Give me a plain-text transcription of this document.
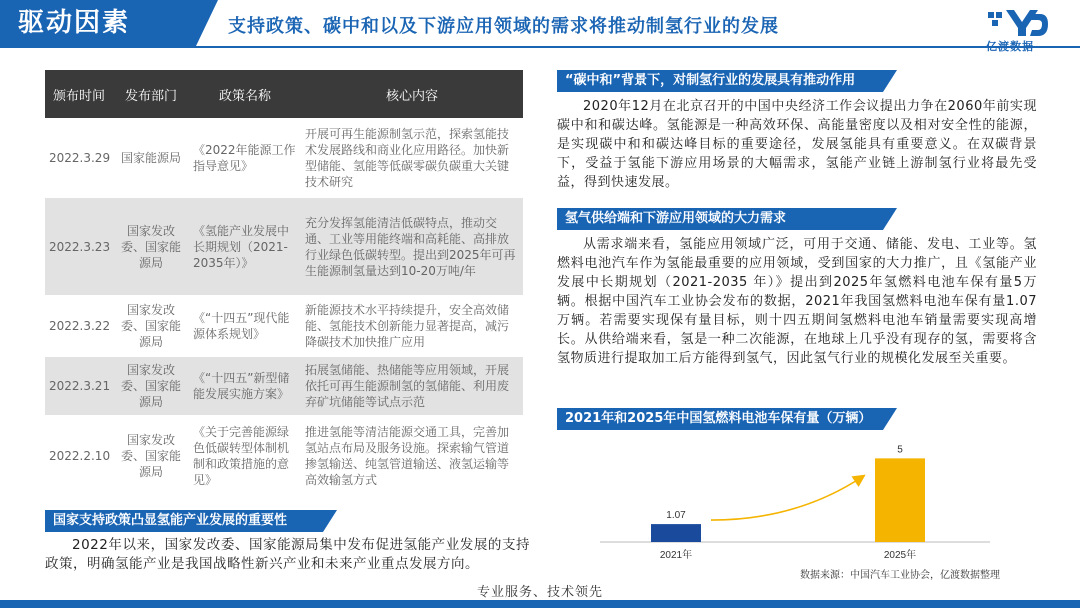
驱动因素	支持政策、碳中和以及下游应用领域的需求将推动制氢行业的发展
亿渡数据
颁布时间	发布部门	政策名称	核心内容
2022.3.29	国家能源局	《2022年能源工作指导意见》	开展可再生能源制氢示范，探索氢能技术发展路线和商业化应用路径。加快新型储能、氢能等低碳零碳负碳重大关键技术研究
2022.3.23	国家发改委、国家能源局	《氢能产业发展中长期规划（2021-2035年）》	充分发挥氢能清洁低碳特点，推动交通、工业等用能终端和高耗能、高排放行业绿色低碳转型。提出到2025年可再生能源制氢量达到10-20万吨/年
2022.3.22	国家发改委、国家能源局	《“十四五”现代能源体系规划》	新能源技术水平持续提升，安全高效储能、氢能技术创新能力显著提高，减污降碳技术加快推广应用
2022.3.21	国家发改委、国家能源局	《“十四五”新型储能发展实施方案》	拓展氢储能、热储能等应用领域，开展依托可再生能源制氢的氢储能、利用废弃矿坑储能等试点示范
2022.2.10	国家发改委、国家能源局	《关于完善能源绿色低碳转型体制机制和政策措施的意见》	推进氢能等清洁能源交通工具，完善加氢站点布局及服务设施。探索输气管道掺氢输送、纯氢管道输送、液氢运输等高效输氢方式
国家支持政策凸显氢能产业发展的重要性
2022年以来，国家发改委、国家能源局集中发布促进氢能产业发展的支持政策，明确氢能产业是我国战略性新兴产业和未来产业重点发展方向。
“碳中和”背景下，对制氢行业的发展具有推动作用
2020年12月在北京召开的中国中央经济工作会议提出力争在2060年前实现碳中和和碳达峰。氢能源是一种高效环保、高能量密度以及相对安全性的能源，是实现碳中和和碳达峰目标的重要途径，发展氢能具有重要意义。在双碳背景下，受益于氢能下游应用场景的大幅需求，氢能产业链上游制氢行业将最先受益，得到快速发展。
氢气供给端和下游应用领域的大力需求
从需求端来看，氢能应用领域广泛，可用于交通、储能、发电、工业等。氢燃料电池汽车作为氢能最重要的应用领域，受到国家的大力推广，且《氢能产业发展中长期规划（2021-2035 年）》提出到2025年氢燃料电池车保有量5万辆。根据中国汽车工业协会发布的数据，2021年我国氢燃料电池车保有量1.07万辆。若需要实现保有量目标，则十四五期间氢燃料电池车销量需要实现高增长。从供给端来看，氢是一种二次能源，在地球上几乎没有现存的氢，需要将含氢物质进行提取加工后方能得到氢气，因此氢气行业的规模化发展至关重要。
2021年和2025年中国氢燃料电池车保有量（万辆）
1.07
2021年
5
2025年
数据来源：中国汽车工业协会，亿渡数据整理
专业服务、技术领先
